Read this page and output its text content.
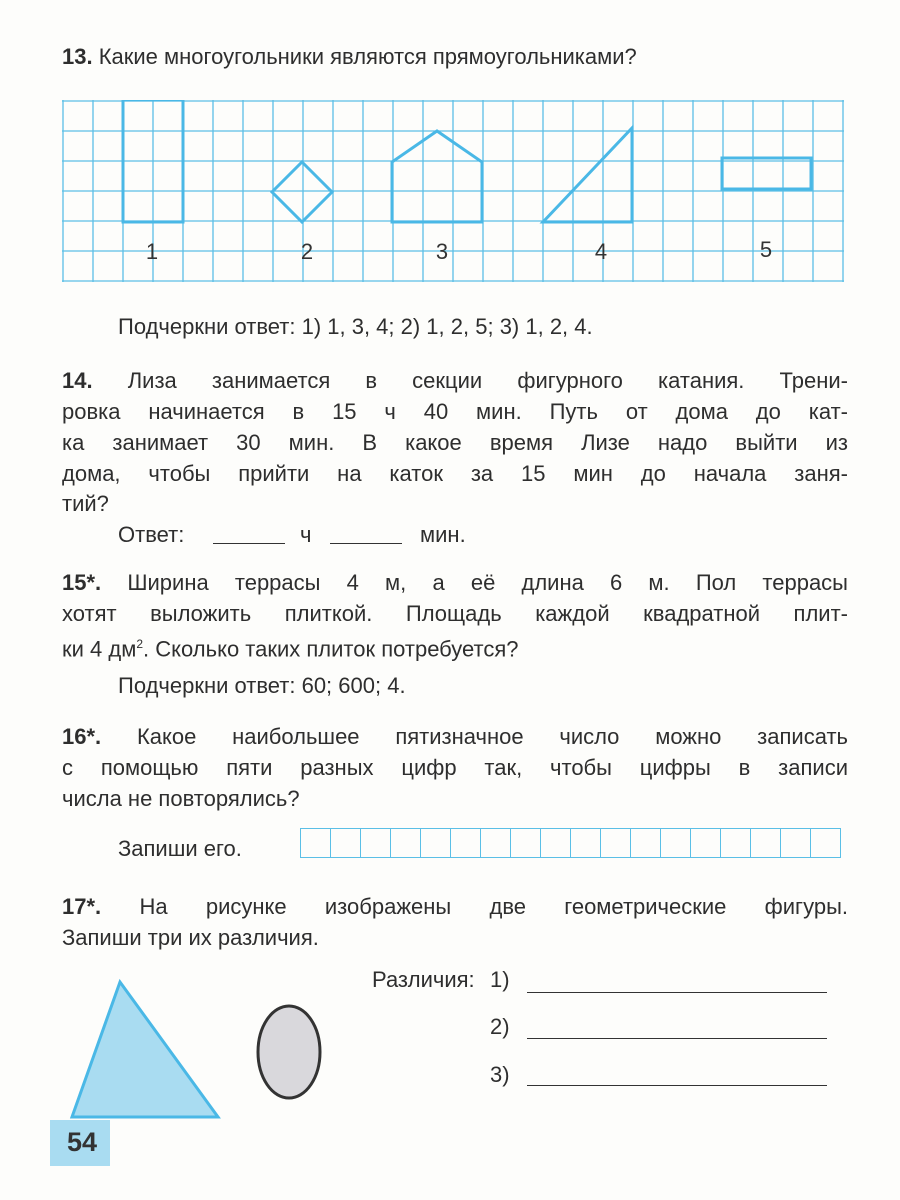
13. Какие многоугольники являются прямоугольниками?
1	2	3	4	5
Подчеркни ответ: 1) 1, 3, 4; 2) 1, 2, 5; 3) 1, 2, 4.
14. Лиза занимается в секции фигурного катания. Трени-
ровка начинается в 15 ч 40 мин. Путь от дома до кат-
ка занимает 30 мин. В какое время Лизе надо выйти из
дома, чтобы прийти на каток за 15 мин до начала заня-
тий?
Ответ:	ч	мин.
15*. Ширина террасы 4 м, а её длина 6 м. Пол террасы
хотят выложить плиткой. Площадь каждой квадратной плит-
ки 4 $дм^2$. Сколько таких плиток потребуется?
Подчеркни ответ: 60; 600; 4.
16*. Какое наибольшее пятизначное число можно записать
с помощью пяти разных цифр так, чтобы цифры в записи
числа не повторялись?
Запиши его.
17*. На рисунке изображены две геометрические фигуры.
Запиши три их различия.
Различия: 1)
2)
3)
54
